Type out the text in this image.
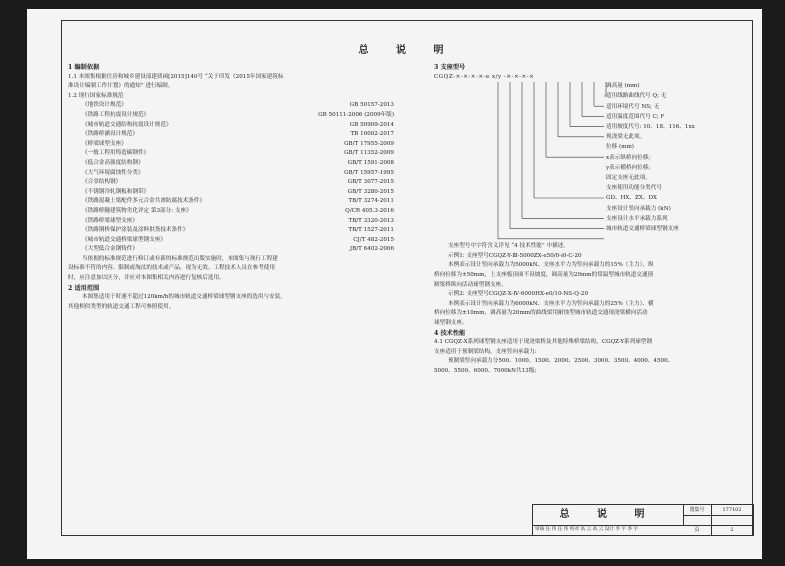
总 说 明
1 编制依据
1.1 本图集根据住房和城乡建设部建质函[2015]140号 “关于印发《2015年国家建筑标
准设计编制工作计划》的通知” 进行编制。
1.2 现行国家标准规范
《地铁设计规范》	GB 50157-2013
《铁路工程抗震设计规范》	GB 50111-2006 (2009年版)
《城市轨道交通结构抗震设计规范》	GB 50909-2014
《铁路桥涵设计规范》	TB 10002-2017
《桥梁球型支座》	GB/T 17955-2009
《一般工程用铸造碳钢件》	GB/T 11352-2009
《低合金高强度结构钢》	GB/T 1591-2008
《大气环境腐蚀性分类》	GB/T 15957-1995
《合金结构钢》	GB/T 3077-2015
《不锈钢冷轧钢板和钢带》	GB/T 3280-2015
《铁路混凝土梁配件多元合金共渗防腐技术条件》	TB/T 3274-2011
《铁路桥隧建筑物劣化评定 第3部分: 支座》	Q/CR 405.3-2016
《铁路桥梁球型支座》	TB/T 3320-2013
《铁路钢桥保护涂装及涂料供货技术条件》	TB/T 1527-2011
《城市轨道交通桥梁球型钢支座》	CJ/T 482-2015
《大型低合金钢铸件》	JB/T 6402-2006
当依据的标准规范进行修订或有新的标准规范出版实施时，本图集与现行工程建
设标准不符的内容、限制或淘汰的技术或产品，视为无效。工程技术人员在参考使用
时，应注意加以区分，并应对本图集相关内容进行复核后选用。
2 适用范围
本图集适用于时速不超过120km/h的城市轨道交通桥梁球型钢支座的选用与安装，
其他相似类型的轨道交通工程可参照使用。
3 支座型号
CGQZ-×-×-×-×-e x/y -×-×-×-×
调高量 (mm)
适用线路曲线代号 Q; 无
适用环境代号 NS; 无
适用温度范围代号 C; F
适用坡度代号: 10、18、116、1xx
现浇梁无此项。
位移 (mm)
x表示纵桥向位移;
y表示横桥向位移;
固定支座无此项。
支座使用功能分类代号
GD、HX、ZX、DX
支座设计竖向承载力 (kN)
支座设计水平承载力系列
城市轨道交通桥梁球型钢支座
支座型号中字符含义详见 “4 技术性能” 中描述。
示例1: 支座型号CGQZ-Y-Ⅲ-5000ZX-e50/0-i0-C-20
本例表示设计竖向承载力为5000kN、支座水平力为竖向承载力的15%（主力），纵
桥向位移为±50mm，上支座板顶面不设坡度，调高量为20mm的常温型城市轨道交通预
制梁桥纵向活动球型钢支座。
示例2: 支座型号CGQZ-X-Ⅳ-6000HX-e0/10-NS-Q-20
本例表示设计竖向承载力为6000kN、支座水平力为竖向承载力的25%（主力）、横
桥向位移为±10mm，调高量为20mm的曲线梁用耐蚀型城市轨道交通现浇梁横向活动
球型钢支座。
4 技术性能
4.1 CGQZ-X系列球型钢支座适用于现浇梁桥及其他特殊桥梁结构，CGQZ-Y系列球型钢
支座适用于预制梁结构，支座竖向承载力:
预制梁竖向承载力分500、1000、1500、2000、2500、3000、3500、4000、4500、
5000、5500、6000、7000kN共13级;
总 说 明	图集号	177102
审核 任 伟 任 伟 校对 高 云 高 云 设计 李 宇 李 宇	页	2
